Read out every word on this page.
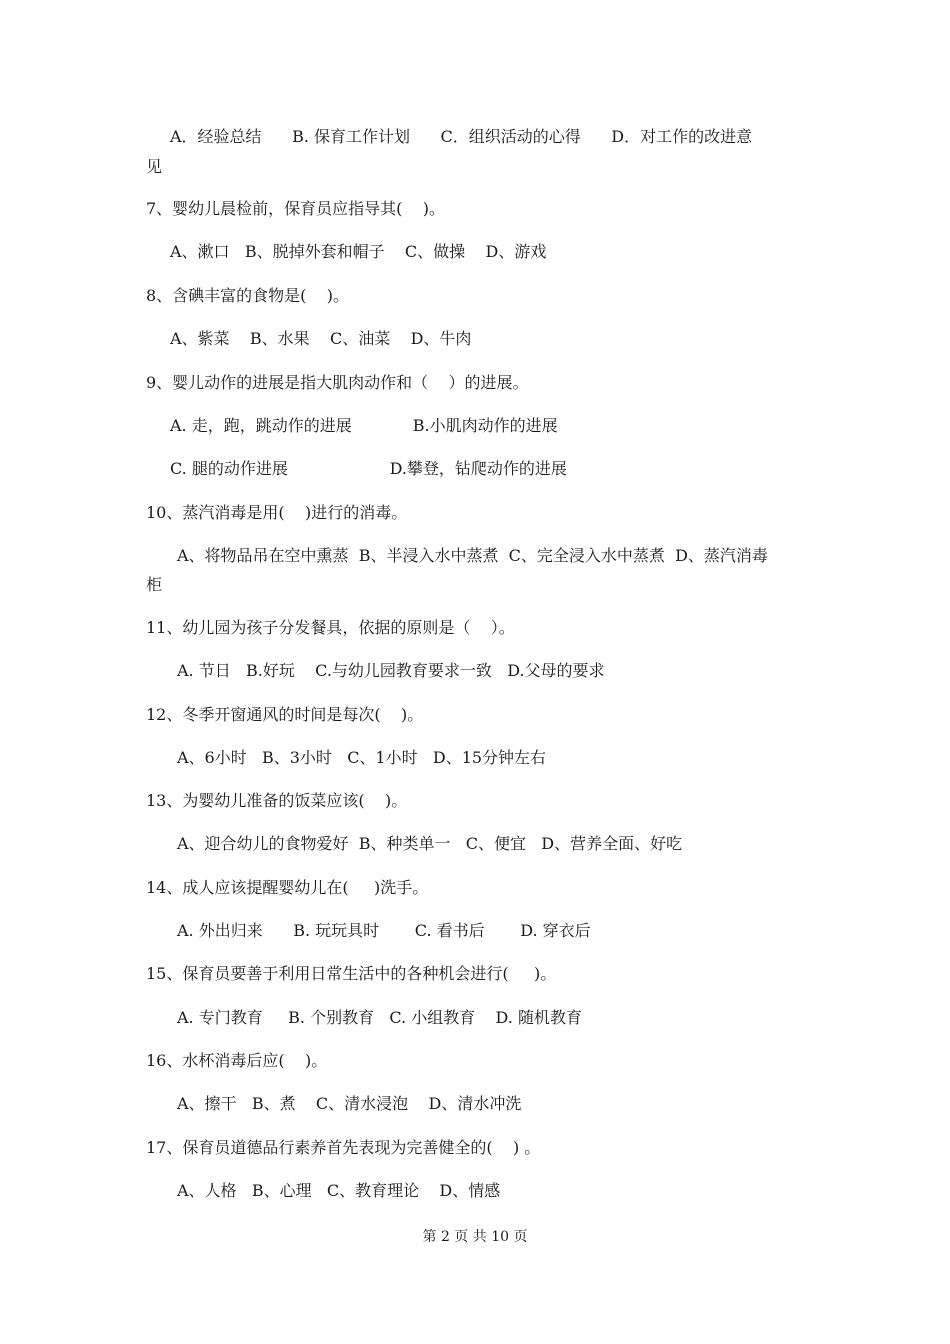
A．经验总结      B. 保育工作计划      C．组织活动的心得      D．对工作的改进意
见
7、婴幼儿晨检前，保育员应指导其(    )。
A、漱口   B、脱掉外套和帽子    C、做操    D、游戏
8、含碘丰富的食物是(    )。
A、紫菜    B、水果    C、油菜    D、牛肉
9、婴儿动作的进展是指大肌肉动作和（    ）的进展。
A. 走，跑，跳动作的进展            B.小肌肉动作的进展
C. 腿的动作进展                    D.攀登，钻爬动作的进展
10、蒸汽消毒是用(    )进行的消毒。
A、将物品吊在空中熏蒸  B、半浸入水中蒸煮  C、完全浸入水中蒸煮  D、蒸汽消毒
柜
11、幼儿园为孩子分发餐具，依据的原则是（    ）。
A. 节日   B.好玩    C.与幼儿园教育要求一致   D.父母的要求
12、冬季开窗通风的时间是每次(    )。
A、6小时   B、3小时   C、1小时   D、15分钟左右
13、为婴幼儿准备的饭菜应该(    )。
A、迎合幼儿的食物爱好  B、种类单一   C、便宜   D、营养全面、好吃
14、成人应该提醒婴幼儿在(     )洗手。
A. 外出归来      B. 玩玩具时       C. 看书后       D. 穿衣后
15、保育员要善于利用日常生活中的各种机会进行(     )。
A. 专门教育     B. 个别教育   C. 小组教育    D. 随机教育
16、水杯消毒后应(    )。
A、擦干   B、煮    C、清水浸泡    D、清水冲洗
17、保育员道德品行素养首先表现为完善健全的(    ) 。
A、人格   B、心理   C、教育理论    D、情感
第 2 页 共 10 页
